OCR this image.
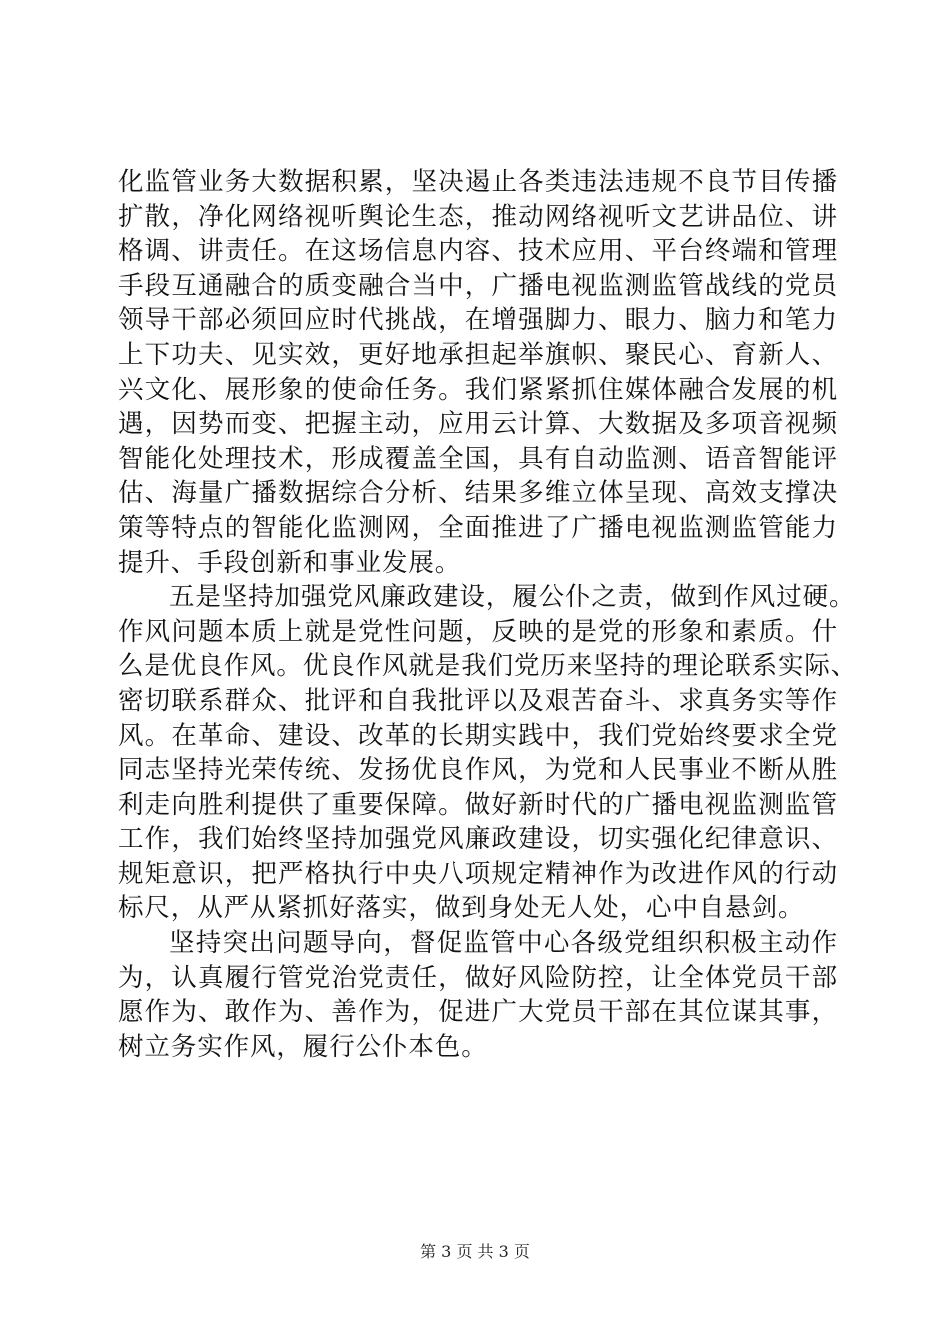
化监管业务大数据积累，坚决遏止各类违法违规不良节目传播
扩散，净化网络视听舆论生态，推动网络视听文艺讲品位、讲
格调、讲责任。在这场信息内容、技术应用、平台终端和管理
手段互通融合的质变融合当中，广播电视监测监管战线的党员
领导干部必须回应时代挑战，在增强脚力、眼力、脑力和笔力
上下功夫、见实效，更好地承担起举旗帜、聚民心、育新人、
兴文化、展形象的使命任务。我们紧紧抓住媒体融合发展的机
遇，因势而变、把握主动，应用云计算、大数据及多项音视频
智能化处理技术，形成覆盖全国，具有自动监测、语音智能评
估、海量广播数据综合分析、结果多维立体呈现、高效支撑决
策等特点的智能化监测网，全面推进了广播电视监测监管能力
提升、手段创新和事业发展。
五是坚持加强党风廉政建设，履公仆之责，做到作风过硬。
作风问题本质上就是党性问题，反映的是党的形象和素质。什
么是优良作风。优良作风就是我们党历来坚持的理论联系实际、
密切联系群众、批评和自我批评以及艰苦奋斗、求真务实等作
风。在革命、建设、改革的长期实践中，我们党始终要求全党
同志坚持光荣传统、发扬优良作风，为党和人民事业不断从胜
利走向胜利提供了重要保障。做好新时代的广播电视监测监管
工作，我们始终坚持加强党风廉政建设，切实强化纪律意识、
规矩意识，把严格执行中央八项规定精神作为改进作风的行动
标尺，从严从紧抓好落实，做到身处无人处，心中自悬剑。
坚持突出问题导向，督促监管中心各级党组织积极主动作
为，认真履行管党治党责任，做好风险防控，让全体党员干部
愿作为、敢作为、善作为，促进广大党员干部在其位谋其事，
树立务实作风，履行公仆本色。
第 3 页 共 3 页
